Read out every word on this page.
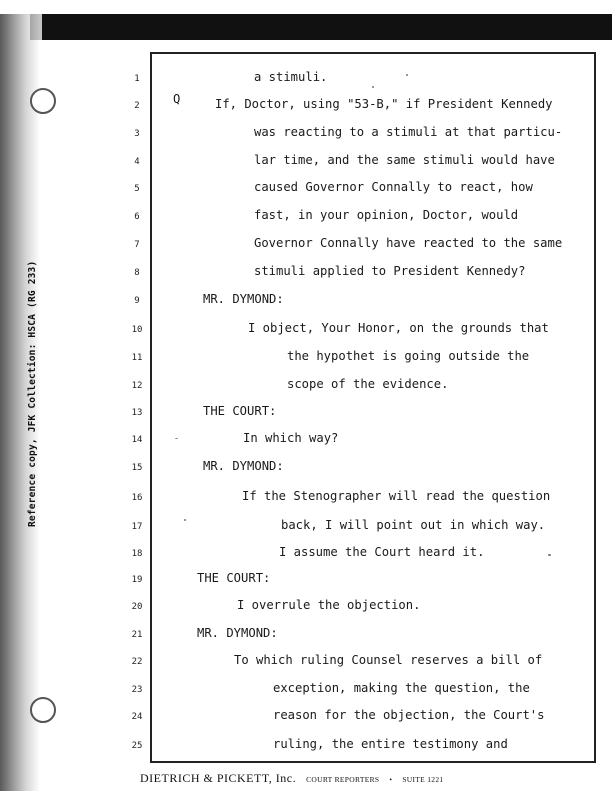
Reference copy, JFK Collection: HSCA (RG 233)
Q
1	a stimuli.
2	If, Doctor, using "53-B," if President Kennedy
3	was reacting to a stimuli at that particu-
4	lar time, and the same stimuli would have
5	caused Governor Connally to react, how
6	fast, in your opinion, Doctor, would
7	Governor Connally have reacted to the same
8	stimuli applied to President Kennedy?
9	MR. DYMOND:
10	I object, Your Honor, on the grounds that
11	the hypothet is going outside the
12	scope of the evidence.
13	THE COURT:
14	In which way?
15	MR. DYMOND:
16	If the Stenographer will read the question
17	back, I will point out in which way.
18	I assume the Court heard it.
19	THE COURT:
20	I overrule the objection.
21	MR. DYMOND:
22	To which ruling Counsel reserves a bill of
23	exception, making the question, the
24	reason for the objection, the Court's
25	ruling, the entire testimony and
DIETRICH & PICKETT, Inc. COURT REPORTERS • SUITE 1221
